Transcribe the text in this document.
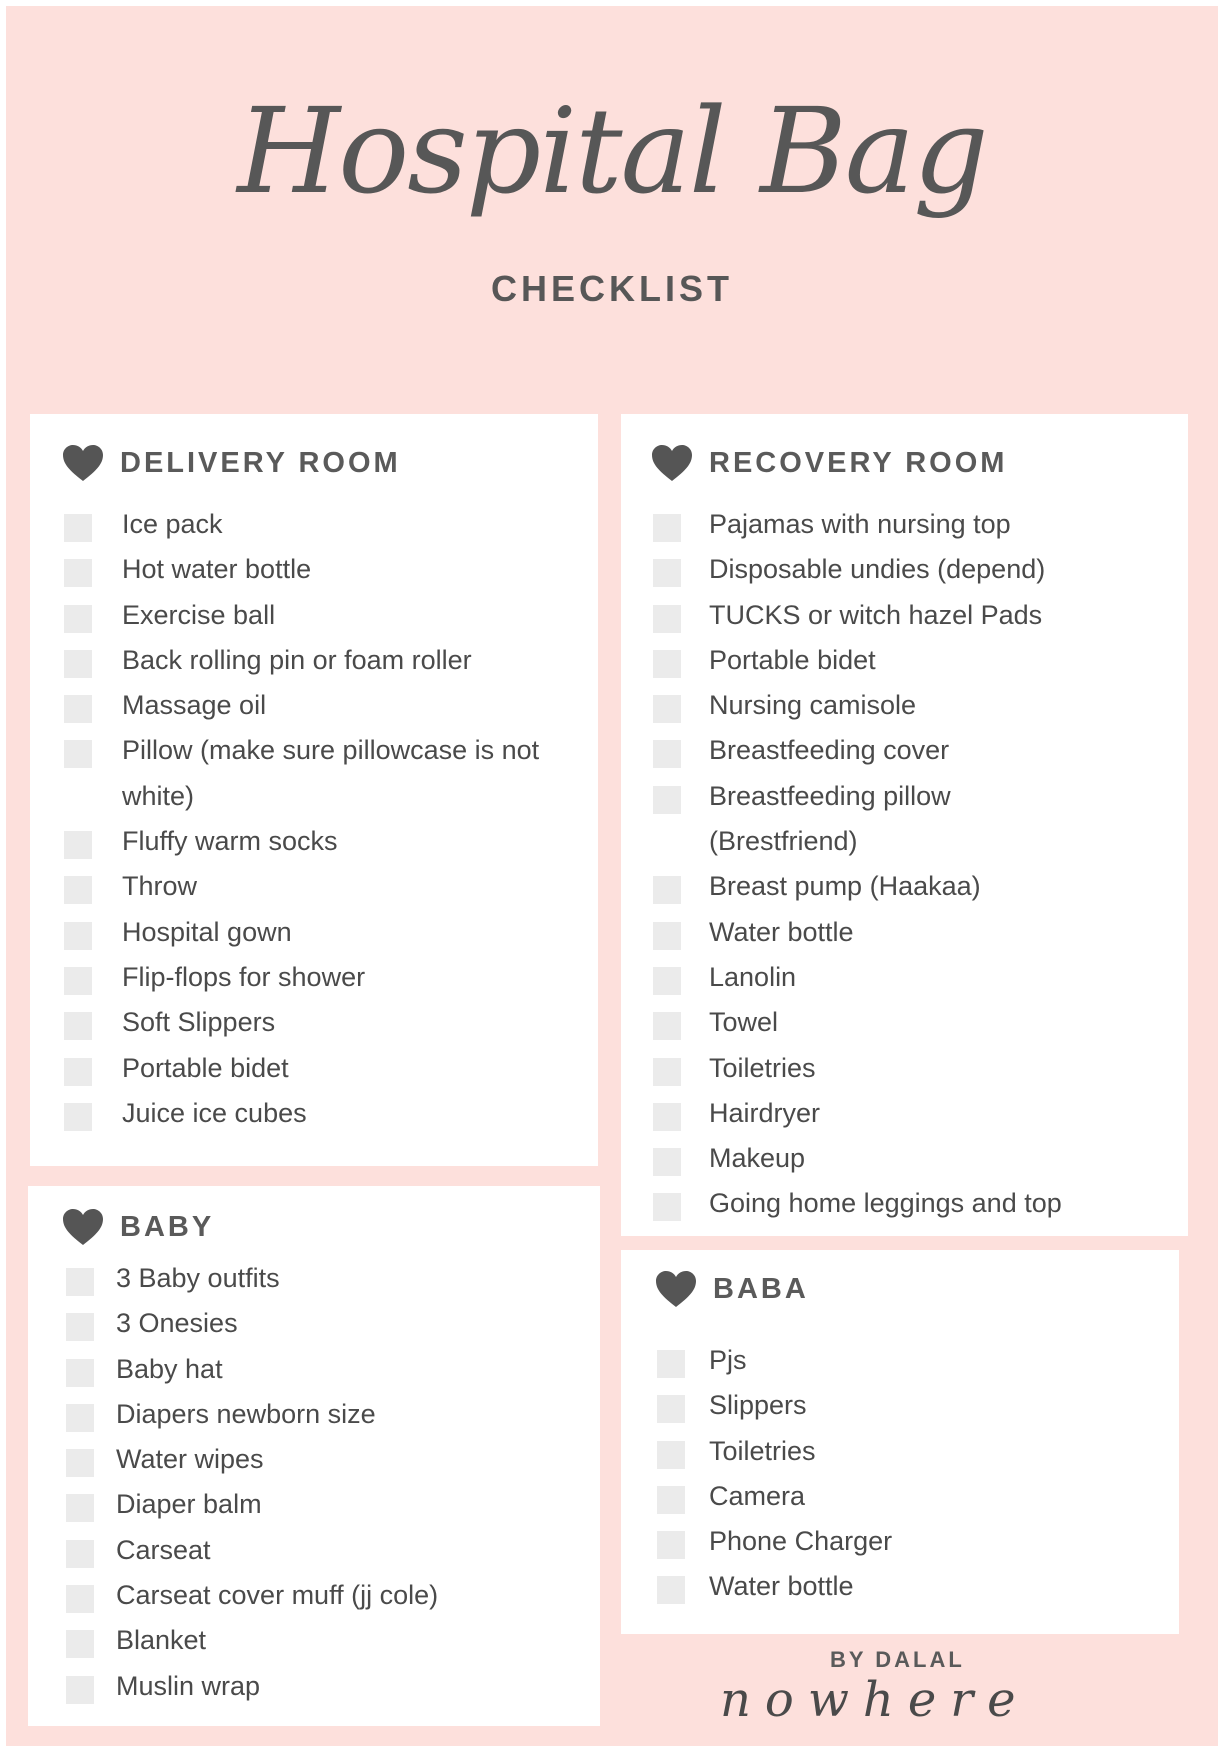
Hospital Bag
CHECKLIST
DELIVERY ROOM
Ice pack
Hot water bottle
Exercise ball
Back rolling pin or foam roller
Massage oil
Pillow (make sure pillowcase is not white)
Fluffy warm socks
Throw
Hospital gown
Flip-flops for shower
Soft Slippers
Portable bidet
Juice ice cubes
RECOVERY ROOM
Pajamas with nursing top
Disposable undies (depend)
TUCKS or witch hazel Pads
Portable bidet
Nursing camisole
Breastfeeding cover
Breastfeeding pillow (Brestfriend)
Breast pump (Haakaa)
Water bottle
Lanolin
Towel
Toiletries
Hairdryer
Makeup
Going home leggings and top
BABY
3 Baby outfits
3 Onesies
Baby hat
Diapers newborn size
Water wipes
Diaper balm
Carseat
Carseat cover muff (jj cole)
Blanket
Muslin wrap
BABA
Pjs
Slippers
Toiletries
Camera
Phone Charger
Water bottle
BY DALAL
nowhere
